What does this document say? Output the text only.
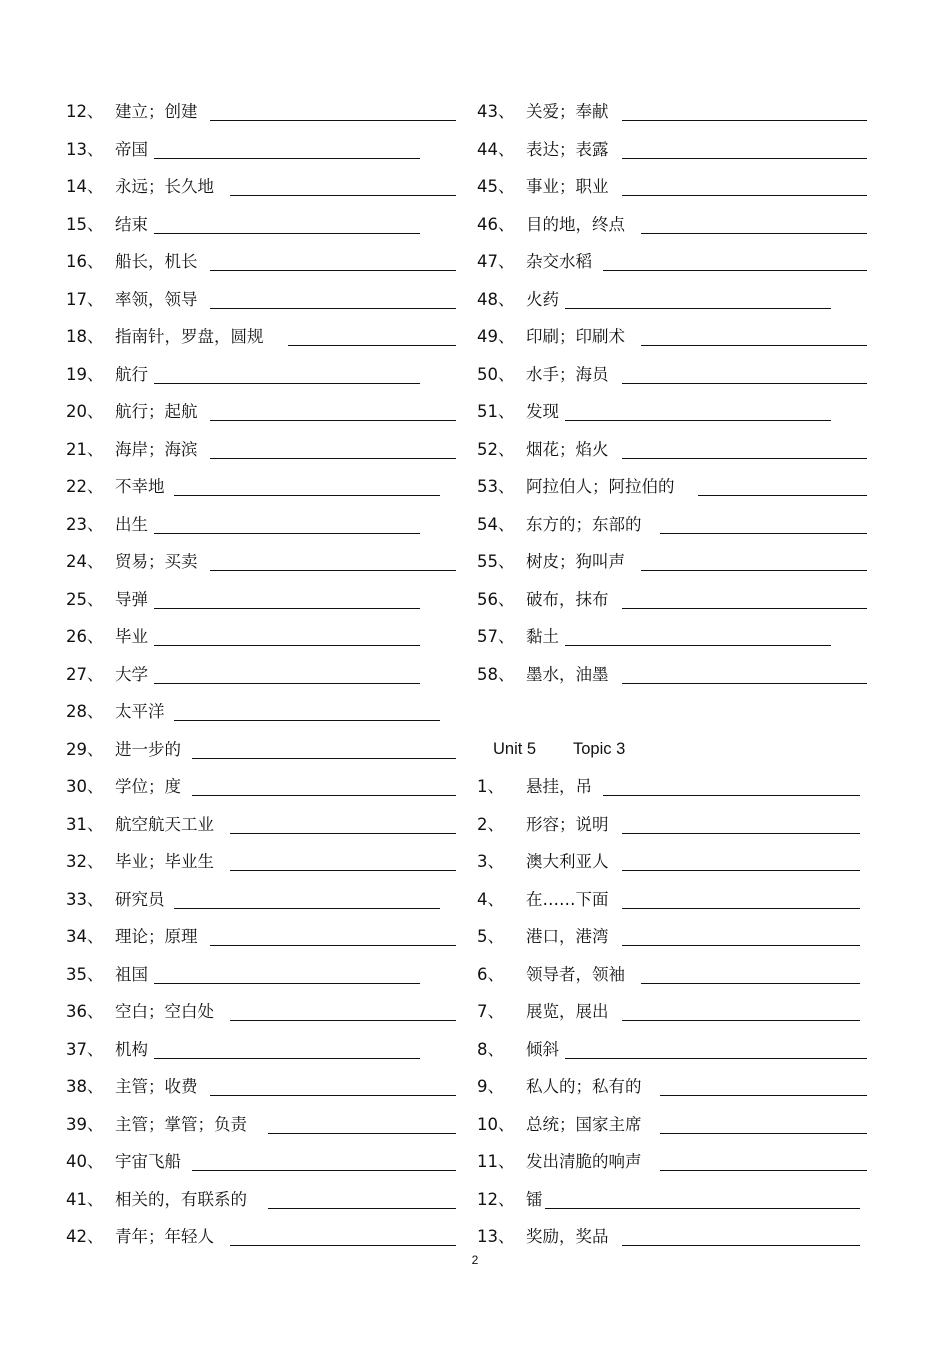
12、 建立；创建
13、 帝国
14、 永远；长久地
15、 结束
16、 船长，机长
17、 率领，领导
18、 指南针，罗盘，圆规
19、 航行
20、 航行；起航
21、 海岸；海滨
22、 不幸地
23、 出生
24、 贸易；买卖
25、 导弹
26、 毕业
27、 大学
28、 太平洋
29、 进一步的
30、 学位；度
31、 航空航天工业
32、 毕业；毕业生
33、 研究员
34、 理论；原理
35、 祖国
36、 空白；空白处
37、 机构
38、 主管；收费
39、 主管；掌管；负责
40、 宇宙飞船
41、 相关的，有联系的
42、 青年；年轻人
43、 关爱；奉献
44、 表达；表露
45、 事业；职业
46、 目的地，终点
47、 杂交水稻
48、 火药
49、 印刷；印刷术
50、 水手；海员
51、 发现
52、 烟花；焰火
53、 阿拉伯人；阿拉伯的
54、 东方的；东部的
55、 树皮；狗叫声
56、 破布，抹布
57、 黏土
58、 墨水，油墨
Unit 5 Topic 3
1、 悬挂，吊
2、 形容；说明
3、 澳大利亚人
4、 在……下面
5、 港口，港湾
6、 领导者，领袖
7、 展览，展出
8、 倾斜
9、 私人的；私有的
10、 总统；国家主席
11、 发出清脆的响声
12、 镭
13、 奖励，奖品
2
